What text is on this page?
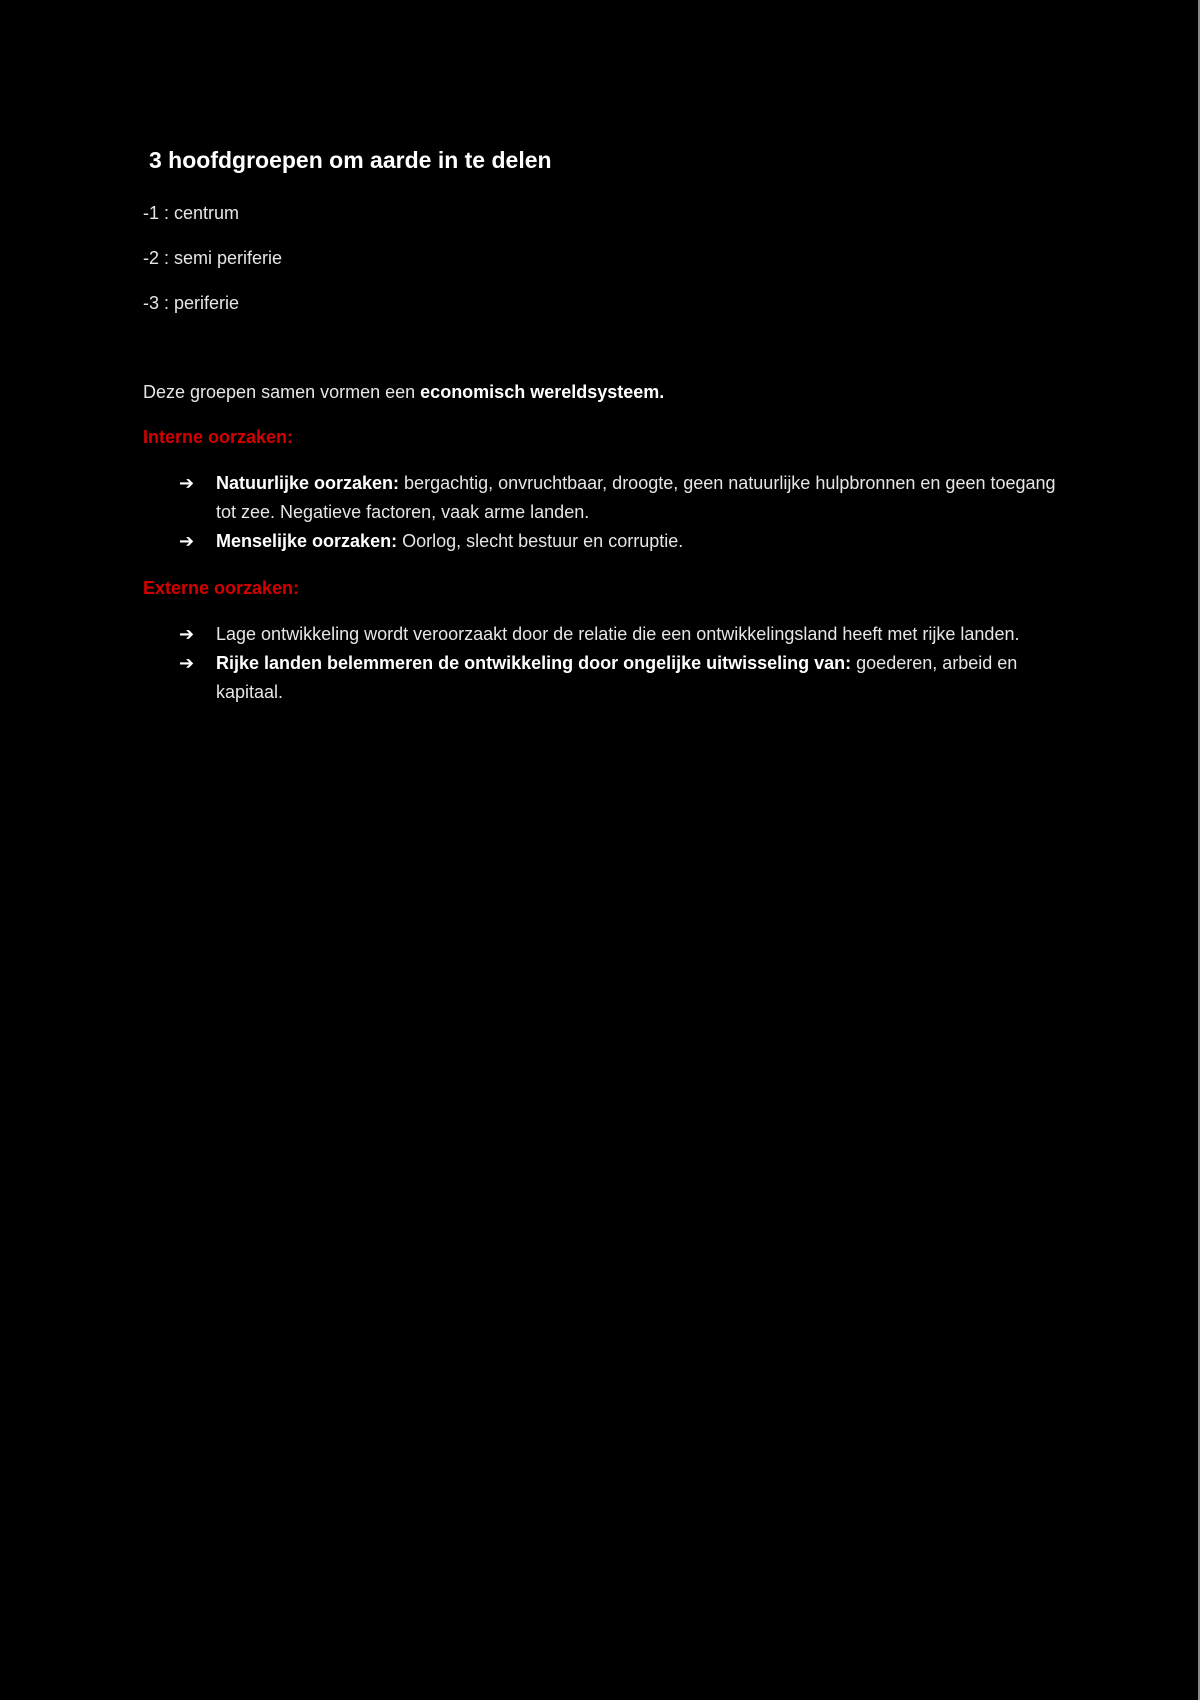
3 hoofdgroepen om aarde in te delen

-1 : centrum

-2 : semi periferie

-3 : periferie

Deze groepen samen vormen een economisch wereldsysteem.

Interne oorzaken:

➔ Natuurlijke oorzaken: bergachtig, onvruchtbaar, droogte, geen natuurlijke hulpbronnen en geen toegang tot zee. Negatieve factoren, vaak arme landen.
➔ Menselijke oorzaken: Oorlog, slecht bestuur en corruptie.

Externe oorzaken:

➔ Lage ontwikkeling wordt veroorzaakt door de relatie die een ontwikkelingsland heeft met rijke landen.
➔ Rijke landen belemmeren de ontwikkeling door ongelijke uitwisseling van: goederen, arbeid en kapitaal.
